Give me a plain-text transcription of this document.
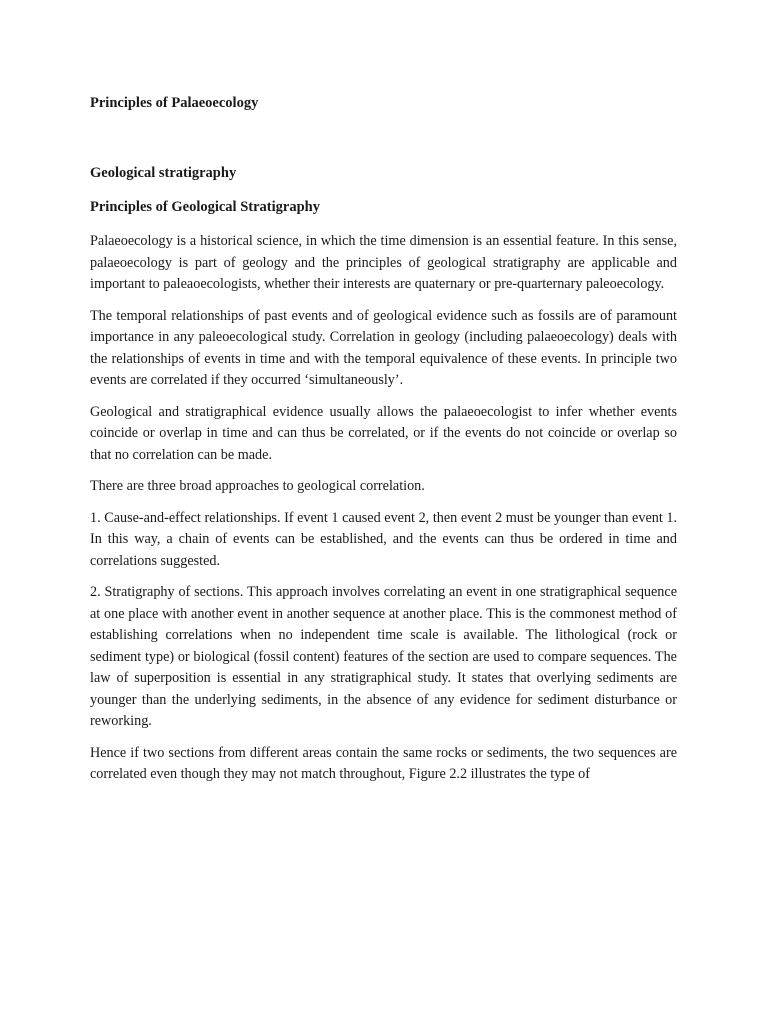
Principles of Palaeoecology
Geological stratigraphy
Principles of Geological Stratigraphy

Palaeoecology is a historical science, in which the time dimension is an essential feature. In this sense, palaeoecology is part of geology and the principles of geological stratigraphy are applicable and important to paleaoecologists, whether their interests are quaternary or pre-quarternary paleoecology.

The temporal relationships of past events and of geological evidence such as fossils are of paramount importance in any paleoecological study. Correlation in geology (including palaeoecology) deals with the relationships of events in time and with the temporal equivalence of these events. In principle two events are correlated if they occurred ‘simultaneously’.

Geological and stratigraphical evidence usually allows the palaeoecologist to infer whether events coincide or overlap in time and can thus be correlated, or if the events do not coincide or overlap so that no correlation can be made.

There are three broad approaches to geological correlation.

1. Cause-and-effect relationships. If event 1 caused event 2, then event 2 must be younger than event 1. In this way, a chain of events can be established, and the events can thus be ordered in time and correlations suggested.

2. Stratigraphy of sections. This approach involves correlating an event in one stratigraphical sequence at one place with another event in another sequence at another place. This is the commonest method of establishing correlations when no independent time scale is available. The lithological (rock or sediment type) or biological (fossil content) features of the section are used to compare sequences. The law of superposition is essential in any stratigraphical study. It states that overlying sediments are younger than the underlying sediments, in the absence of any evidence for sediment disturbance or reworking.

Hence if two sections from different areas contain the same rocks or sediments, the two sequences are correlated even though they may not match throughout, Figure 2.2 illustrates the type of
